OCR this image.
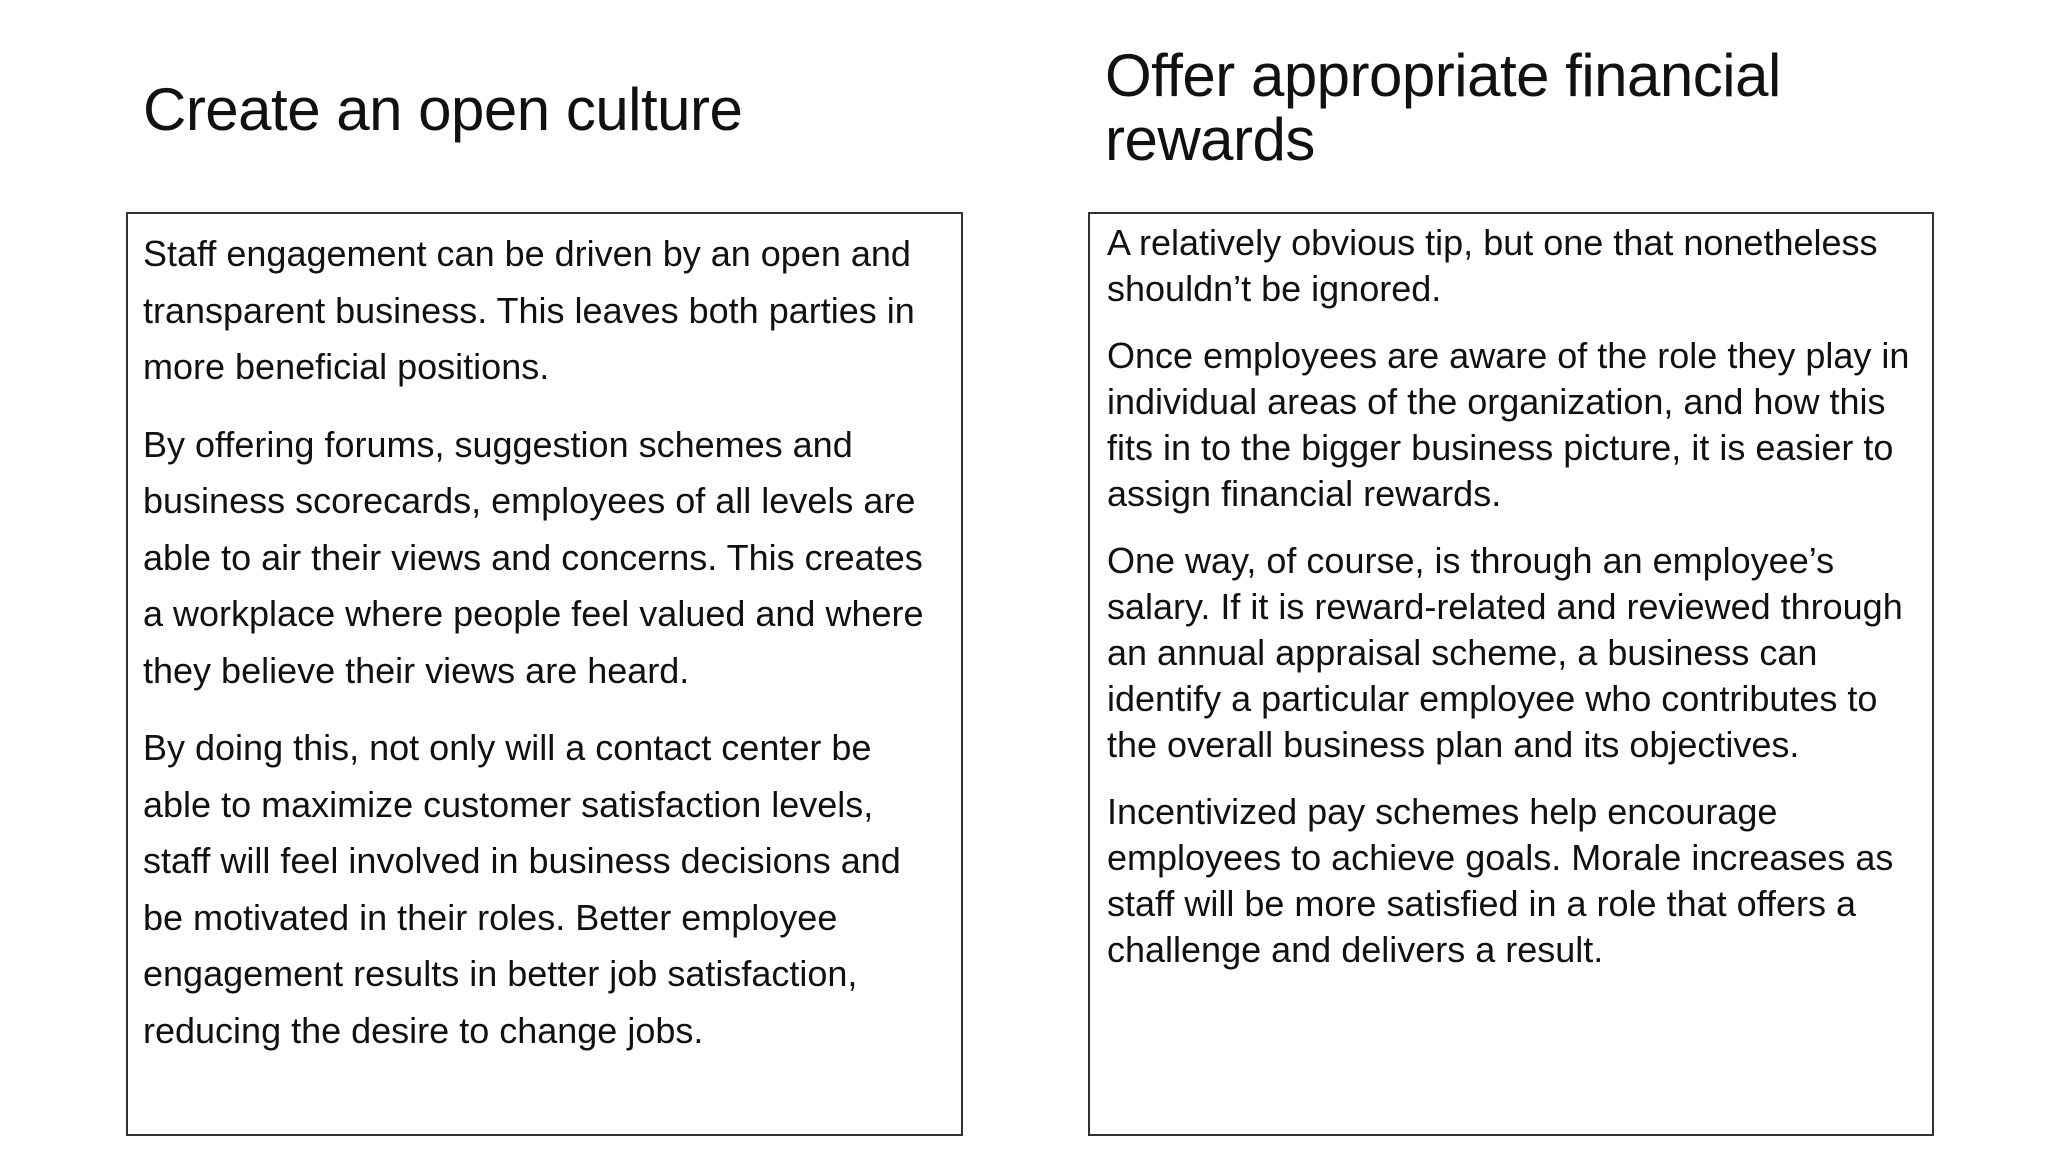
Create an open culture

Staff engagement can be driven by an open and transparent business. This leaves both parties in more beneficial positions.

By offering forums, suggestion schemes and business scorecards, employees of all levels are able to air their views and concerns. This creates a workplace where people feel valued and where they believe their views are heard.

By doing this, not only will a contact center be able to maximize customer satisfaction levels, staff will feel involved in business decisions and be motivated in their roles. Better employee engagement results in better job satisfaction, reducing the desire to change jobs.

Offer appropriate financial rewards

A relatively obvious tip, but one that nonetheless shouldn’t be ignored.

Once employees are aware of the role they play in individual areas of the organization, and how this fits in to the bigger business picture, it is easier to assign financial rewards.

One way, of course, is through an employee’s salary. If it is reward-related and reviewed through an annual appraisal scheme, a business can identify a particular employee who contributes to the overall business plan and its objectives.

Incentivized pay schemes help encourage employees to achieve goals. Morale increases as staff will be more satisfied in a role that offers a challenge and delivers a result.
